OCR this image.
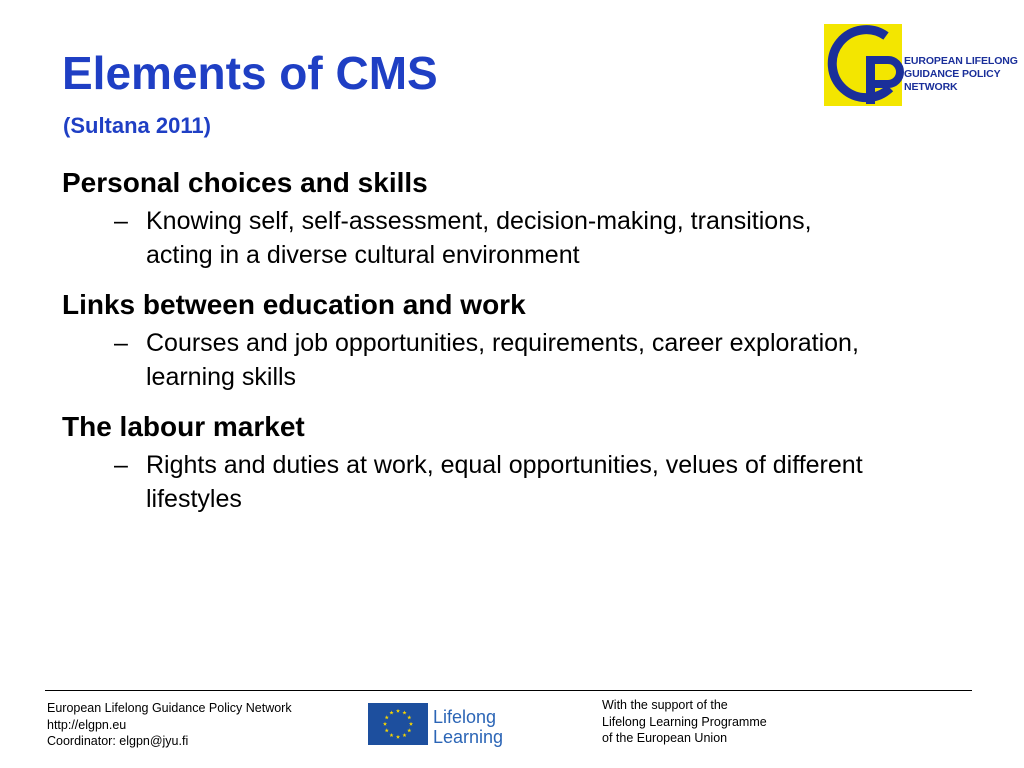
Elements of CMS
(Sultana 2011)
EUROPEAN LIFELONG
GUIDANCE POLICY
NETWORK
Personal choices and skills
– Knowing self, self-assessment, decision-making, transitions,
acting in a diverse cultural environment
Links between education and work
– Courses and job opportunities, requirements, career exploration,
learning skills
The labour market
– Rights and duties at work, equal opportunities, velues of different
lifestyles
European Lifelong Guidance Policy Network
http://elgpn.eu
Coordinator: elgpn@jyu.fi
Lifelong
Learning
With the support of the
Lifelong Learning Programme
of the European Union
